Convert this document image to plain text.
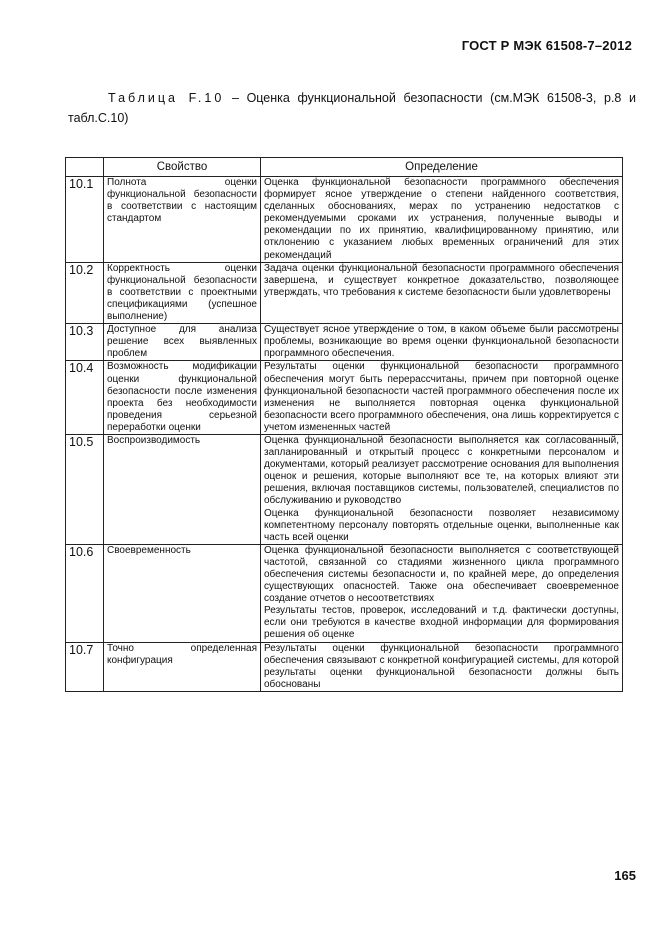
ГОСТ Р МЭК 61508-7–2012
Таблица F.10 – Оценка функциональной безопасности (см.МЭК 61508-3, р.8 и табл.С.10)
	Свойство	Определение
10.1	Полнота оценки функциональной безопасности в соответствии с настоящим стандартом	Оценка функциональной безопасности программного обеспечения формирует ясное утверждение о степени найденного соответствия, сделанных обоснованиях, мерах по устранению недостатков с рекомендуемыми сроками их устранения, полученные выводы и рекомендации по их принятию, квалифицированному принятию, или отклонению с указанием любых временных ограничений для этих рекомендаций

10.2	Корректность оценки функциональной безопасности в соответствии с проектными спецификациями (успешное выполнение)	Задача оценки функциональной безопасности программного обеспечения завершена, и существует конкретное доказательство, позволяющее утверждать, что требования к системе безопасности были удовлетворены

10.3	Доступное для анализа решение всех выявленных проблем	Существует ясное утверждение о том, в каком объеме были рассмотрены проблемы, возникающие во время оценки функциональной безопасности программного обеспечения.

10.4	Возможность модификации оценки функциональной безопасности после изменения проекта без необходимости проведения серьезной переработки оценки	Результаты оценки функциональной безопасности программного обеспечения могут быть перерассчитаны, причем при повторной оценке функциональной безопасности частей программного обеспечения после их изменения не выполняется повторная оценка функциональной безопасности всего программного обеспечения, она лишь корректируется с учетом измененных частей

10.5	Воспроизводимость	Оценка функциональной безопасности выполняется как согласованный, запланированный и открытый процесс с конкретными персоналом и документами, который реализует рассмотрение основания для выполнения оценок и решения, которые выполняют все те, на которых влияют эти решения, включая поставщиков системы, пользователей, специалистов по обслуживанию и руководство
Оценка функциональной безопасности позволяет независимому компетентному персоналу повторять отдельные оценки, выполненные как часть всей оценки

10.6	Своевременность	Оценка функциональной безопасности выполняется с соответствующей частотой, связанной со стадиями жизненного цикла программного обеспечения системы безопасности и, по крайней мере, до определения существующих опасностей. Также она обеспечивает своевременное создание отчетов о несоответствиях
Результаты тестов, проверок, исследований и т.д. фактически доступны, если они требуются в качестве входной информации для формирования решения об оценке

10.7	Точно определенная конфигурация	Результаты оценки функциональной безопасности программного обеспечения связывают с конкретной конфигурацией системы, для которой результаты оценки функциональной безопасности должны быть обоснованы
165
